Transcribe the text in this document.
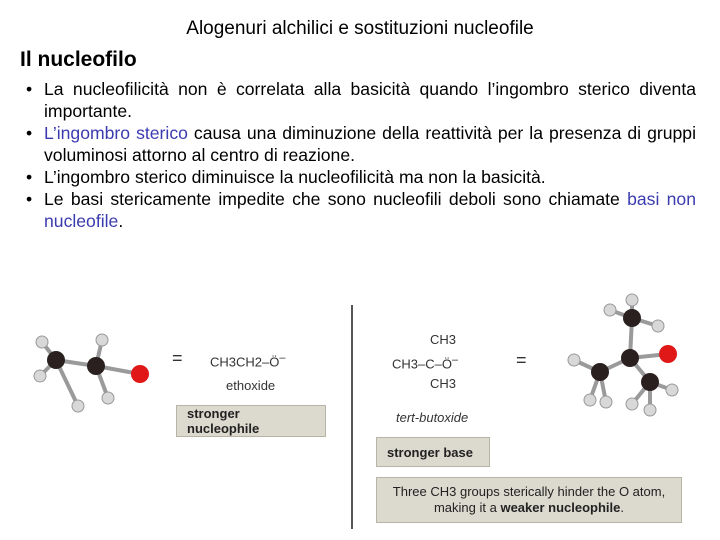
Alogenuri alchilici e sostituzioni nucleofile
Il nucleofilo
• La nucleofilicità non è correlata alla basicità quando l’ingombro sterico diventa importante.
• L’ingombro sterico causa una diminuzione della reattività per la presenza di gruppi voluminosi attorno al centro di reazione.
• L’ingombro sterico diminuisce la nucleofilicità ma non la basicità.
• Le basi stericamente impedite che sono nucleofili deboli sono chiamate basi non nucleofile.
= CH3CH2–Ö–
ethoxide
stronger nucleophile
CH3
CH3–C–Ö–
CH3
tert-butoxide
=
stronger base
Three CH3 groups sterically hinder the O atom,
making it a weaker nucleophile.
